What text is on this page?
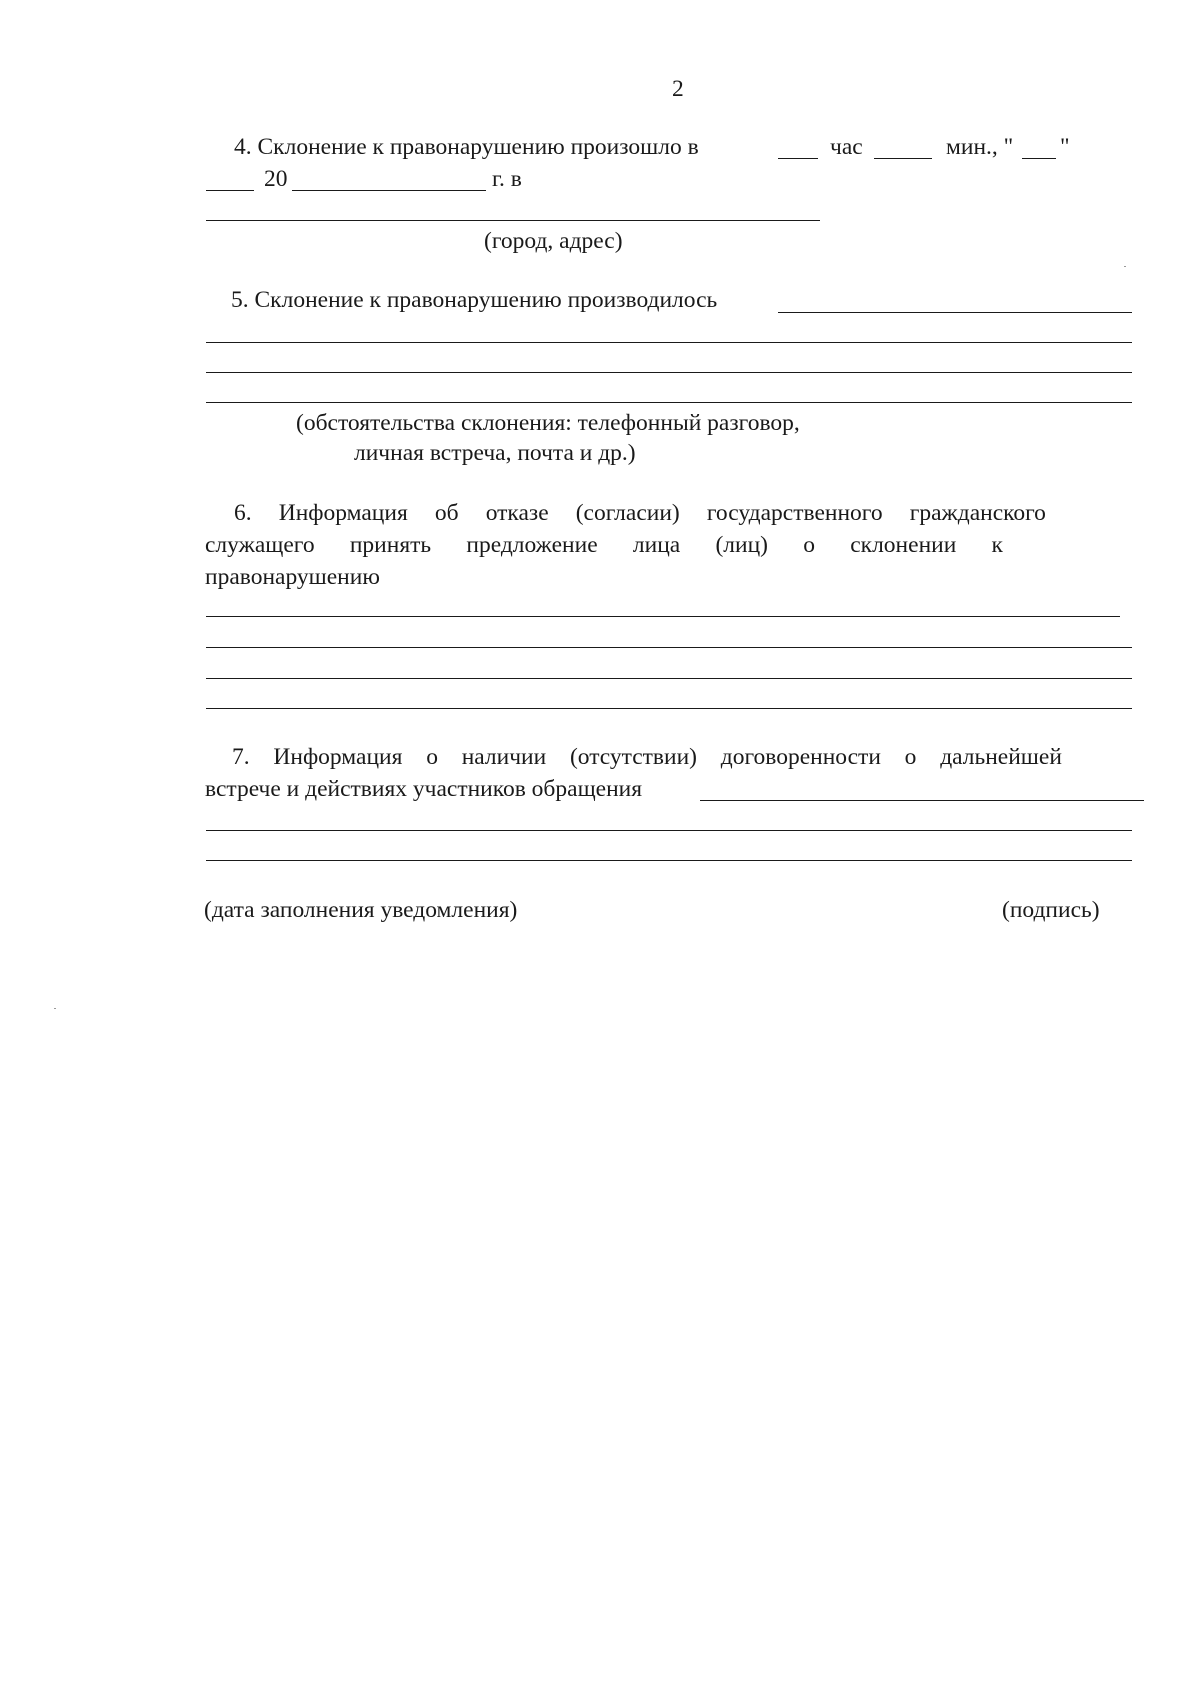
2
4. Склонение к правонарушению произошло в	час	мин., " "
20	г. в
(город, адрес)
5. Склонение к правонарушению производилось
(обстоятельства склонения: телефонный разговор,
личная встреча, почта и др.)
6. Информация об отказе (согласии) государственного гражданского
служащего принять предложение лица (лиц) о склонении к
правонарушению
7. Информация о наличии (отсутствии) договоренности о дальнейшей
встрече и действиях участников обращения
(дата заполнения уведомления)	(подпись)
